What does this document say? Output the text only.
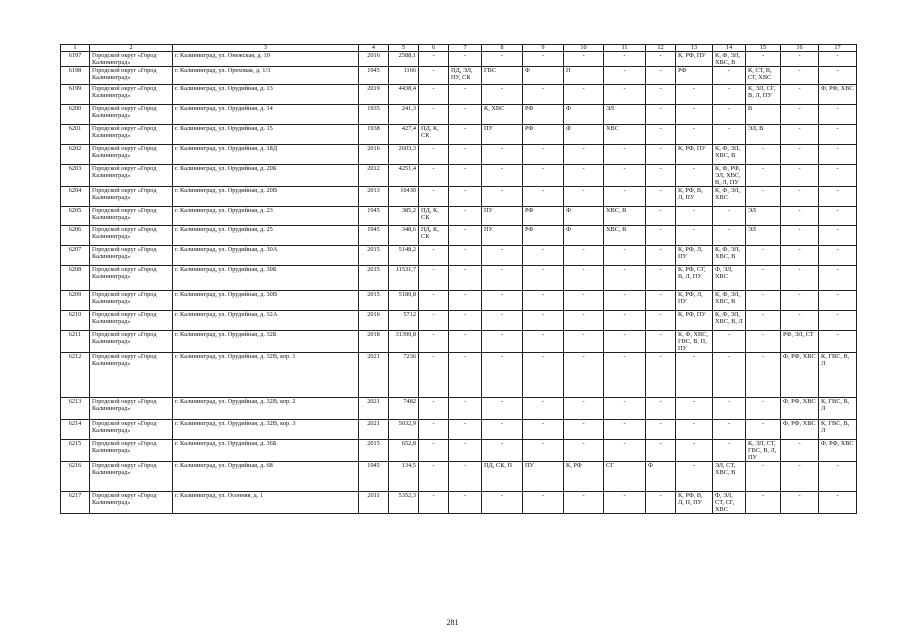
1	2	3	4	5	6	7	8	9	10	11	12	13	14	15	16	17
6197	Городской округ «Город Калининград»	г. Калининград, ул. Онежская, д. 10	2016	2588,1	-	-	-	-	-	-	-	К, РФ, ПУ	К, Ф, ЭЛ, ХВС, В	-	-	-
6198	Городской округ «Город Калининград»	г. Калининград, ул. Ореховая, д. 1/3	1945	1166	-	ПД, ЭЛ, ПУ, СК	ГВС	Ф	П	-	-	РФ	-	К, СТ, В, СГ, ХВС	-	-
6199	Городской округ «Город Калининград»	г. Калининград, ул. Орудийная, д. 13	2019	4438,4	-	-	-	-	-	-	-	-	-	К, ЭЛ, СГ, В, Л, ПУ	-	Ф, РФ, ХВС
6200	Городской округ «Город Калининград»	г. Калининград, ул. Орудийная, д. 14	1935	241,3	-	-	К, ХВС	РФ	Ф	ЭЛ	-	-	-	В	-	-
6201	Городской округ «Город Калининград»	г. Калининград, ул. Орудийная, д. 15	1938	427,4	ПД, К, СК	-	ПУ	РФ	Ф	ХВС	-	-	-	ЭЛ, В	-	-
6202	Городской округ «Город Калининград»	г. Калининград, ул. Орудийная, д. 18Д	2016	2603,3	-	-	-	-	-	-	-	К, РФ, ПУ	К, Ф, ЭЛ, ХВС, В	-	-	-
6203	Городской округ «Город Калининград»	г. Калининград, ул. Орудийная, д. 20Б	2012	4251,4	-	-	-	-	-	-	-	-	К, Ф, РФ, ЭЛ, ХВС, В, Л, ПУ	-	-	-
6204	Городской округ «Город Калининград»	г. Калининград, ул. Орудийная, д. 20В	2013	10430	-	-	-	-	-	-	-	К, РФ, В, Л, ПУ	К, Ф, ЭЛ, ХВС	-	-	-
6205	Городской округ «Город Калининград»	г. Калининград, ул. Орудийная, д. 23	1945	385,2	ПД, К, СК	-	ПУ	РФ	Ф	ХВС, В	-	-	-	ЭЛ	-	-
6206	Городской округ «Город Калининград»	г. Калининград, ул. Орудийная, д. 25	1945	348,6	ПД, К, СК	-	ПУ	РФ	Ф	ХВС, В	-	-	-	ЭЛ	-	-
6207	Городской округ «Город Калининград»	г. Калининград, ул. Орудийная, д. 30А	2015	5148,2	-	-	-	-	-	-	-	К, РФ, Л, ПУ	К, Ф, ЭЛ, ХВС, В	-	-	-
6208	Городской округ «Город Калининград»	г. Калининград, ул. Орудийная, д. 30Б	2015	11531,7	-	-	-	-	-	-	-	К, РФ, СГ, В, Л, ПУ	Ф, ЭЛ, ХВС	-	-	-
6209	Городской округ «Город Калининград»	г. Калининград, ул. Орудийная, д. 30В	2015	5189,8	-	-	-	-	-	-	-	К, РФ, Л, ПУ	К, Ф, ЭЛ, ХВС, В	-	-	-
6210	Городской округ «Город Калининград»	г. Калининград, ул. Орудийная, д. 32А	2016	5712	-	-	-	-	-	-	-	К, РФ, ПУ	К, Ф, ЭЛ, ХВС, В, Л	-	-	-
6211	Городской округ «Город Калининград»	г. Калининград, ул. Орудийная, д. 32Б	2018	31399,8	-	-	-	-	-	-	-	К, Ф, ХВС, ГВС, В, П, ПУ	-	-	РФ, ЭЛ, СТ	-
6212	Городской округ «Город Калининград»	г. Калининград, ул. Орудийная, д. 32В, кор. 1	2021	7236	-	-	-	-	-	-	-	-	-	-	Ф, РФ, ХВС	К, ГВС, В, Л
6213	Городской округ «Город Калининград»	г. Калининград, ул. Орудийная, д. 32В, кор. 2	2021	7482	-	-	-	-	-	-	-	-	-	-	Ф, РФ, ХВС	К, ГВС, В, Л
6214	Городской округ «Город Калининград»	г. Калининград, ул. Орудийная, д. 32В, кор. 3	2021	5032,9	-	-	-	-	-	-	-	-	-	-	Ф, РФ, ХВС	К, ГВС, В, Л
6215	Городской округ «Город Калининград»	г. Калининград, ул. Орудийная, д. 36Б	2015	652,8	-	-	-	-	-	-	-	-	-	К, ЭЛ, СТ, ГВС, В, Л, ПУ	-	Ф, РФ, ХВС
6216	Городской округ «Город Калининград»	г. Калининград, ул. Орудийная, д. 68	1945	134,5	-	-	ПД, СК, П	ПУ	К, РФ	СГ	Ф	-	ЭЛ, СТ, ХВС, В	-	-	-
6217	Городской округ «Город Калининград»	г. Калининград, ул. Осенняя, д. 1	2011	5352,3	-	-	-	-	-	-	-	К, РФ, В, Л, П, ПУ	Ф, ЭЛ, СТ, СГ, ХВС	-	-	-
281
